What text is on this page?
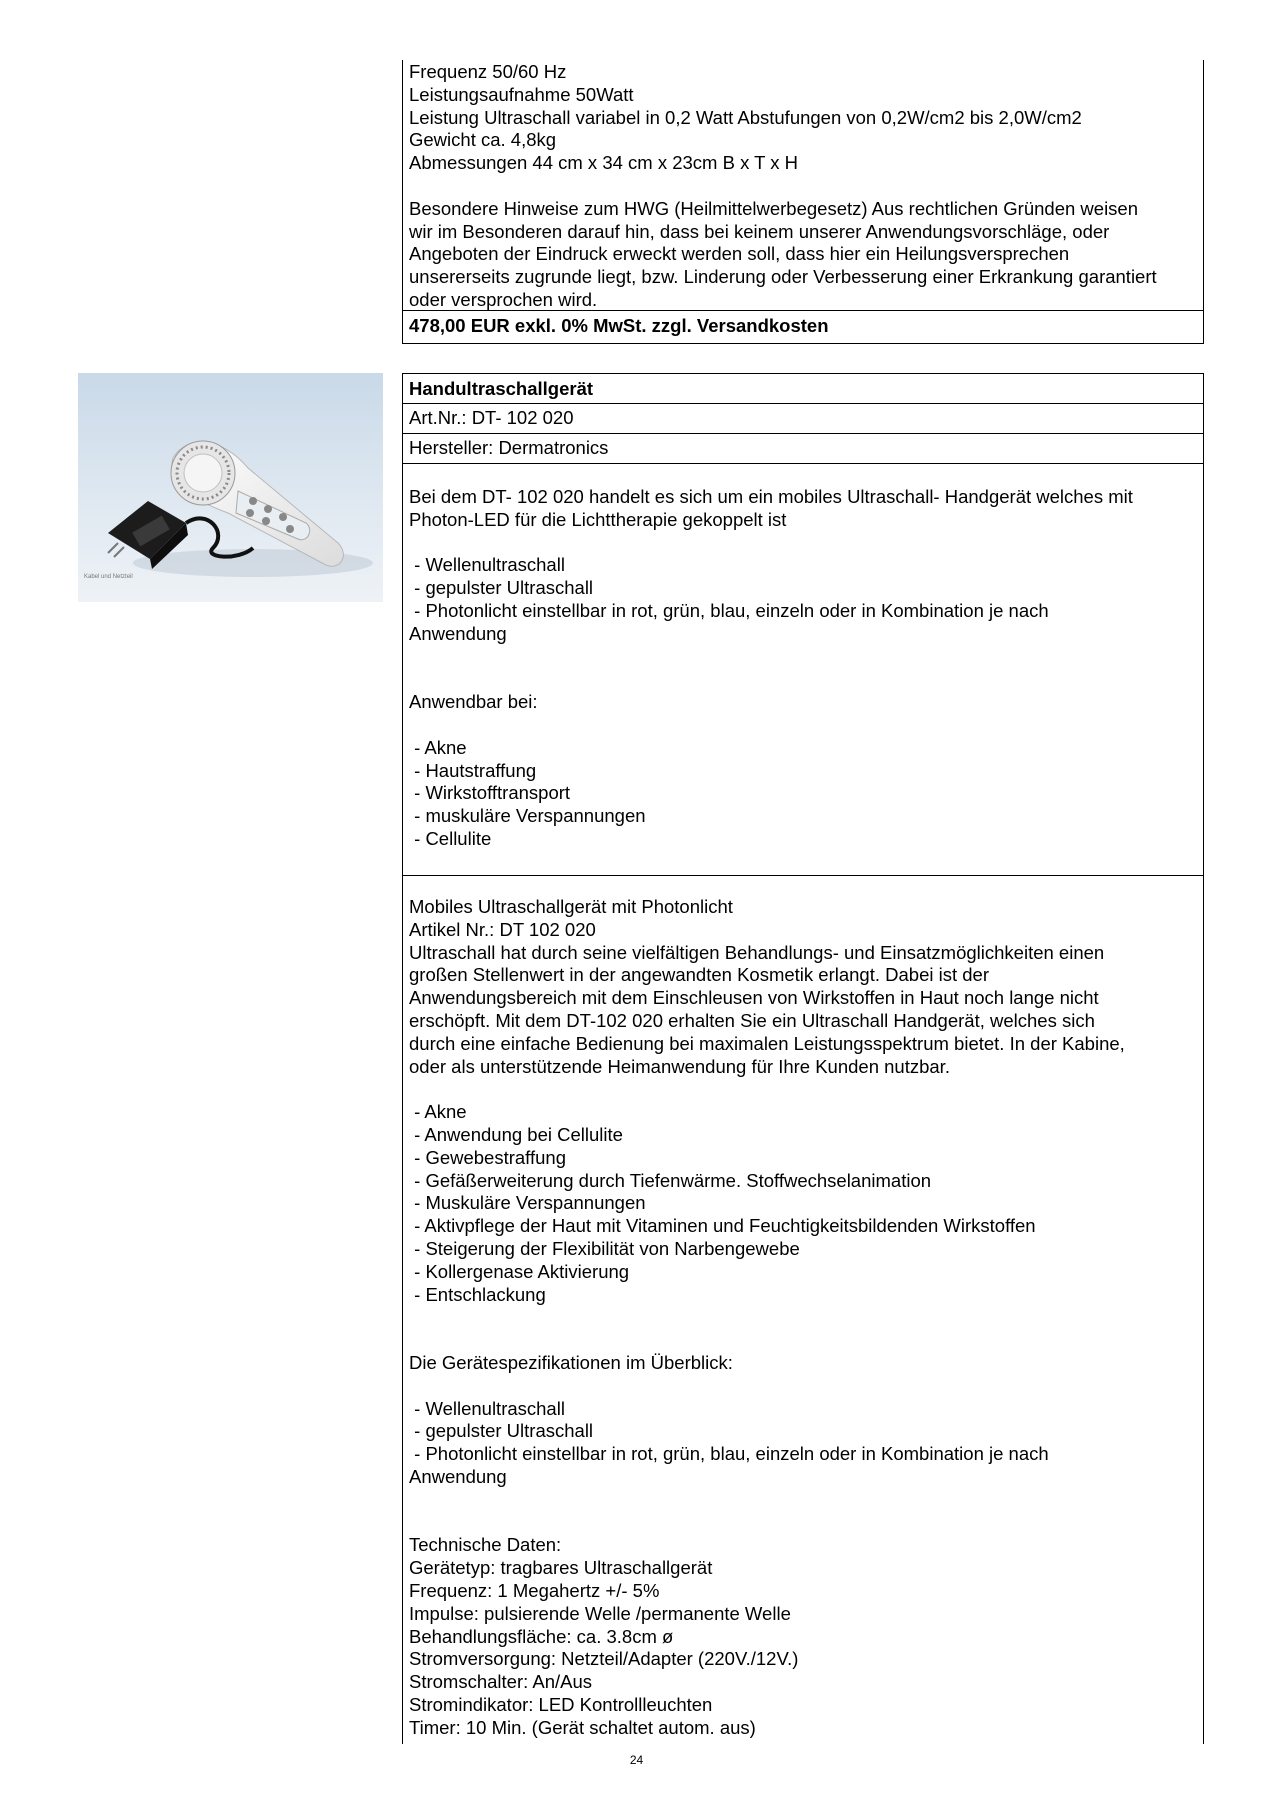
Frequenz 50/60 Hz
Leistungsaufnahme 50Watt
Leistung Ultraschall variabel in 0,2 Watt Abstufungen von 0,2W/cm2 bis 2,0W/cm2
Gewicht ca. 4,8kg
Abmessungen 44 cm x 34 cm x 23cm B x T x H
Besondere Hinweise zum HWG (Heilmittelwerbegesetz) Aus rechtlichen Gründen weisen
wir im Besonderen darauf hin, dass bei keinem unserer Anwendungsvorschläge, oder
Angeboten der Eindruck erweckt werden soll, dass hier ein Heilungsversprechen
unsererseits zugrunde liegt, bzw. Linderung oder Verbesserung einer Erkrankung garantiert
oder versprochen wird.
478,00 EUR exkl. 0% MwSt. zzgl. Versandkosten
Kabel und Netzteil
Handultraschallgerät
Art.Nr.: DT- 102 020
Hersteller: Dermatronics
Bei dem DT- 102 020 handelt es sich um ein mobiles Ultraschall- Handgerät welches mit
Photon-LED für die Lichttherapie gekoppelt ist
- Wellenultraschall
- gepulster Ultraschall
- Photonlicht einstellbar in rot, grün, blau, einzeln oder in Kombination je nach
Anwendung
Anwendbar bei:
- Akne
- Hautstraffung
- Wirkstofftransport
- muskuläre Verspannungen
- Cellulite
Mobiles Ultraschallgerät mit Photonlicht
Artikel Nr.: DT 102 020
Ultraschall hat durch seine vielfältigen Behandlungs- und Einsatzmöglichkeiten einen
großen Stellenwert in der angewandten Kosmetik erlangt. Dabei ist der
Anwendungsbereich mit dem Einschleusen von Wirkstoffen in Haut noch lange nicht
erschöpft. Mit dem DT-102 020 erhalten Sie ein Ultraschall Handgerät, welches sich
durch eine einfache Bedienung bei maximalen Leistungsspektrum bietet. In der Kabine,
oder als unterstützende Heimanwendung für Ihre Kunden nutzbar.
- Akne
- Anwendung bei Cellulite
- Gewebestraffung
- Gefäßerweiterung durch Tiefenwärme. Stoffwechselanimation
- Muskuläre Verspannungen
- Aktivpflege der Haut mit Vitaminen und Feuchtigkeitsbildenden Wirkstoffen
- Steigerung der Flexibilität von Narbengewebe
- Kollergenase Aktivierung
- Entschlackung
Die Gerätespezifikationen im Überblick:
- Wellenultraschall
- gepulster Ultraschall
- Photonlicht einstellbar in rot, grün, blau, einzeln oder in Kombination je nach
Anwendung
Technische Daten:
Gerätetyp: tragbares Ultraschallgerät
Frequenz: 1 Megahertz +/- 5%
Impulse: pulsierende Welle /permanente Welle
Behandlungsfläche: ca. 3.8cm ø
Stromversorgung: Netzteil/Adapter (220V./12V.)
Stromschalter: An/Aus
Stromindikator: LED Kontrollleuchten
Timer: 10 Min. (Gerät schaltet autom. aus)
24
